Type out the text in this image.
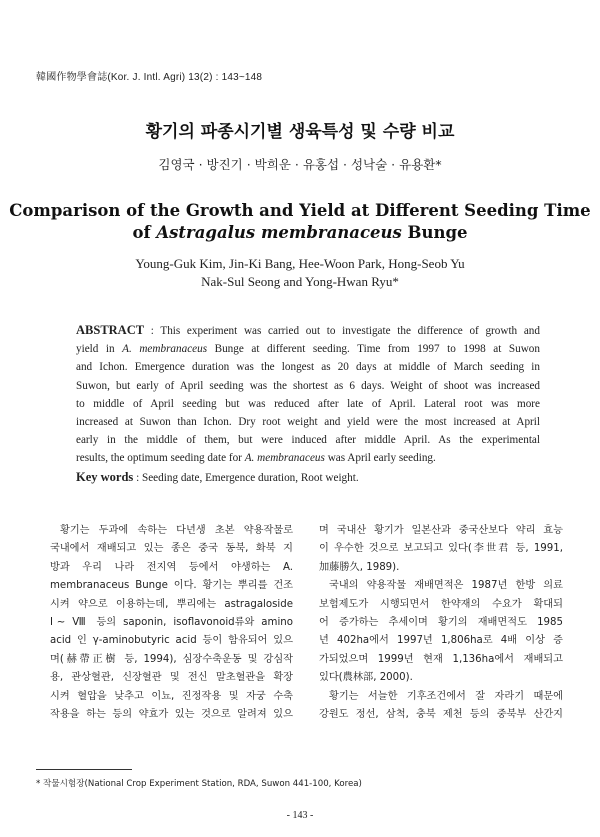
韓國作物學會誌(Kor. J. Intl. Agri) 13(2) : 143~148
황기의 파종시기별 생육특성 및 수량 비교
김영국 · 방진기 · 박희운 · 유홍섭 · 성낙술 · 유용환*
Comparison of the Growth and Yield at Different Seeding Time
of Astragalus membranaceus Bunge
Young-Guk Kim, Jin-Ki Bang, Hee-Woon Park, Hong-Seob Yu
Nak-Sul Seong and Yong-Hwan Ryu*
ABSTRACT : This experiment was carried out to investigate the difference of growth and
yield in A. membranaceus Bunge at different seeding. Time from 1997 to 1998 at Suwon
and Ichon. Emergence duration was the longest as 20 days at middle of March seeding in
Suwon, but early of April seeding was the shortest as 6 days. Weight of shoot was increased
to middle of April seeding but was reduced after late of April. Lateral root was more
increased at Suwon than Ichon. Dry root weight and yield were the most increased at April
early in the middle of them, but were induced after middle April. As the experimental
results, the optimum seeding date for A. membranaceus was April early seeding.
Key words : Seeding date, Emergence duration, Root weight.
황기는 두과에 속하는 다년생 초본 약용작물로
국내에서 재배되고 있는 종은 중국 동북, 화북 지
방과 우리 나라 전지역 등에서 야생하는 A.
membranaceus Bunge 이다. 황기는 뿌리를 건조
시켜 약으로 이용하는데, 뿌리에는 astragaloside
Ⅰ~ Ⅷ 등의 saponin, isoflavonoid류와 amino
acid 인 γ-aminobutyric acid 등이 함유되어 있으
며(赫帶正樹 등, 1994), 심장수축운동 및 강심작
용, 관상혈관, 신장혈관 및 전신 말초혈관을 확장
시켜 혈압을 낮추고 이뇨, 진정작용 및 자궁 수축
작용을 하는 등의 약효가 있는 것으로 알려져 있으
며 국내산 황기가 일본산과 중국산보다 약리 효능
이 우수한 것으로 보고되고 있다(李世君 등, 1991,
加藤勝久, 1989).
국내의 약용작물 재배면적은 1987년 한방 의료
보험제도가 시행되면서 한약재의 수요가 확대되
어 증가하는 추세이며 황기의 재배면적도 1985
년 402ha에서 1997년 1,806ha로 4배 이상 증
가되었으며 1999년 현재 1,136ha에서 재배되고
있다(農林部, 2000).
황기는 서늘한 기후조건에서 잘 자라기 때문에
강원도 정선, 삼척, 충북 제천 등의 중북부 산간지
* 작물시험장(National Crop Experiment Station, RDA, Suwon 441-100, Korea)
- 143 -
